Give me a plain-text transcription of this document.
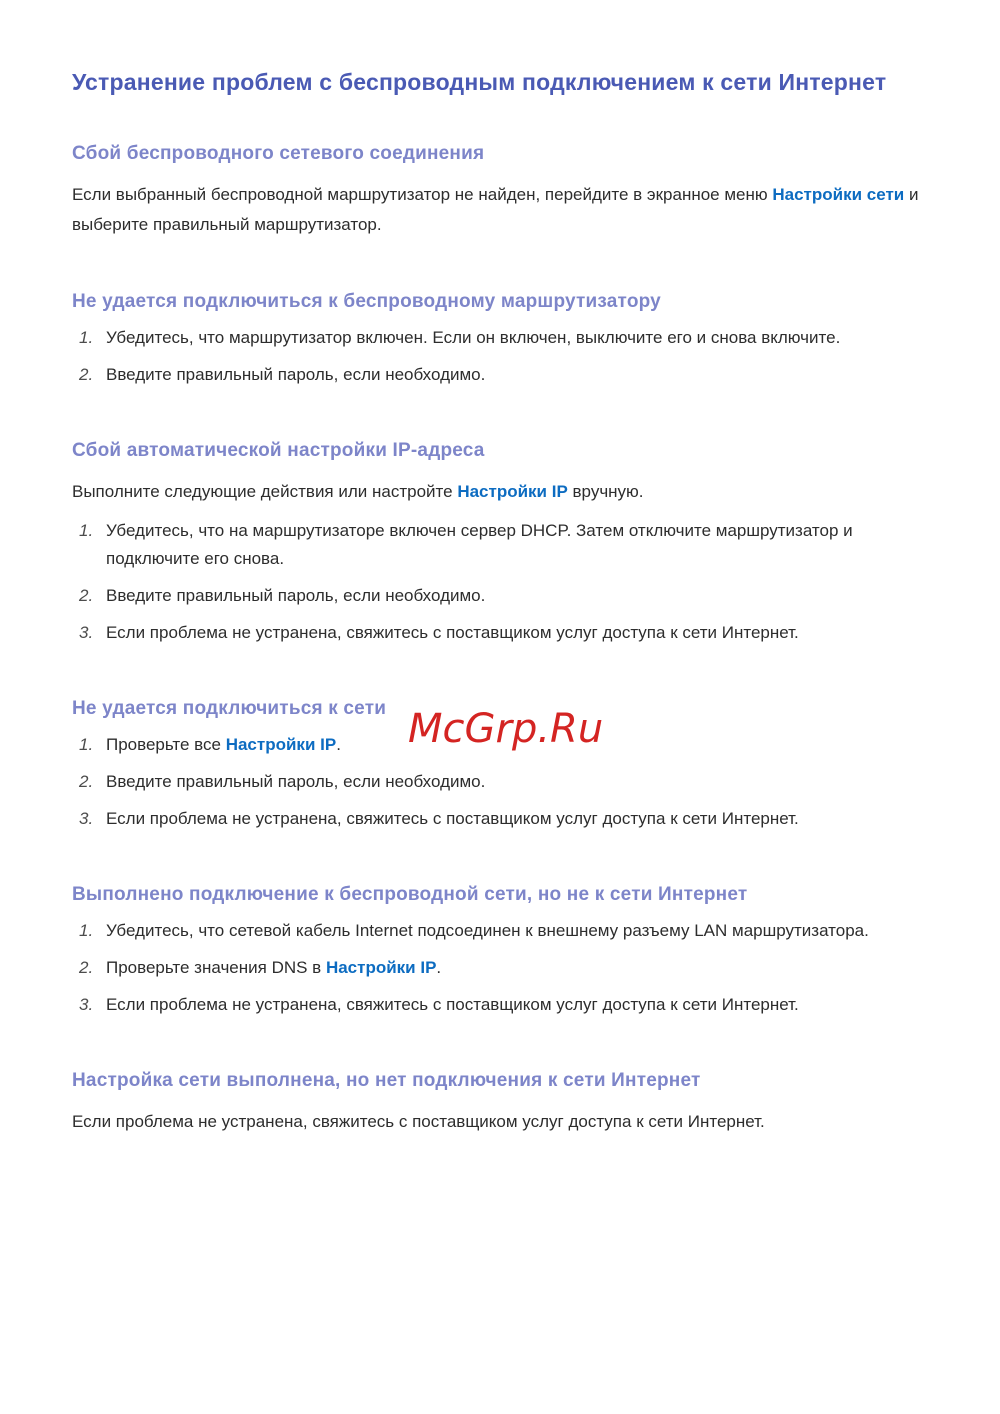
Устранение проблем с беспроводным подключением к сети Интернет
Сбой беспроводного сетевого соединения

Если выбранный беспроводной маршрутизатор не найден, перейдите в экранное меню Настройки сети и выберите правильный маршрутизатор.

Не удается подключиться к беспроводному маршрутизатору
1. Убедитесь, что маршрутизатор включен. Если он включен, выключите его и снова включите.
2. Введите правильный пароль, если необходимо.
Сбой автоматической настройки IP-адреса

Выполните следующие действия или настройте Настройки IP вручную.

1. Убедитесь, что на маршрутизаторе включен сервер DHCP. Затем отключите маршрутизатор и подключите его снова.
2. Введите правильный пароль, если необходимо.
3. Если проблема не устранена, свяжитесь с поставщиком услуг доступа к сети Интернет.
McGrp.Ru
Не удается подключиться к сети
1. Проверьте все Настройки IP.
2. Введите правильный пароль, если необходимо.
3. Если проблема не устранена, свяжитесь с поставщиком услуг доступа к сети Интернет.
Выполнено подключение к беспроводной сети, но не к сети Интернет
1. Убедитесь, что сетевой кабель Internet подсоединен к внешнему разъему LAN маршрутизатора.
2. Проверьте значения DNS в Настройки IP.
3. Если проблема не устранена, свяжитесь с поставщиком услуг доступа к сети Интернет.
Настройка сети выполнена, но нет подключения к сети Интернет

Если проблема не устранена, свяжитесь с поставщиком услуг доступа к сети Интернет.
